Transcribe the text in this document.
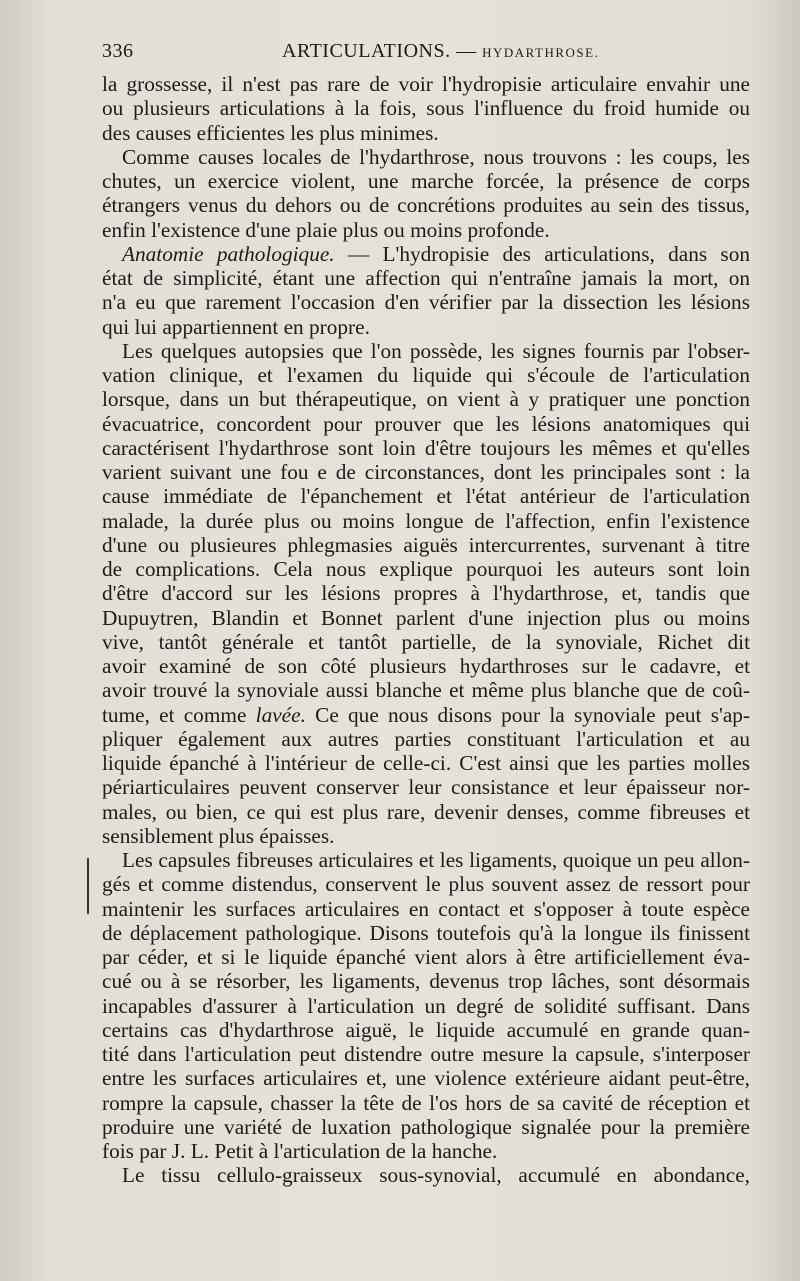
336	ARTICULATIONS. — HYDARTHROSE.
la grossesse, il n'est pas rare de voir l'hydropisie articulaire envahir une
ou plusieurs articulations à la fois, sous l'influence du froid humide ou
des causes efficientes les plus minimes.
Comme causes locales de l'hydarthrose, nous trouvons : les coups, les
chutes, un exercice violent, une marche forcée, la présence de corps
étrangers venus du dehors ou de concrétions produites au sein des tissus,
enfin l'existence d'une plaie plus ou moins profonde.
Anatomie pathologique. — L'hydropisie des articulations, dans son
état de simplicité, étant une affection qui n'entraîne jamais la mort, on
n'a eu que rarement l'occasion d'en vérifier par la dissection les lésions
qui lui appartiennent en propre.
Les quelques autopsies que l'on possède, les signes fournis par l'obser-
vation clinique, et l'examen du liquide qui s'écoule de l'articulation
lorsque, dans un but thérapeutique, on vient à y pratiquer une ponction
évacuatrice, concordent pour prouver que les lésions anatomiques qui
caractérisent l'hydarthrose sont loin d'être toujours les mêmes et qu'elles
varient suivant une fou e de circonstances, dont les principales sont : la
cause immédiate de l'épanchement et l'état antérieur de l'articulation
malade, la durée plus ou moins longue de l'affection, enfin l'existence
d'une ou plusieures phlegmasies aiguës intercurrentes, survenant à titre
de complications. Cela nous explique pourquoi les auteurs sont loin
d'être d'accord sur les lésions propres à l'hydarthrose, et, tandis que
Dupuytren, Blandin et Bonnet parlent d'une injection plus ou moins
vive, tantôt générale et tantôt partielle, de la synoviale, Richet dit
avoir examiné de son côté plusieurs hydarthroses sur le cadavre, et
avoir trouvé la synoviale aussi blanche et même plus blanche que de coû-
tume, et comme lavée. Ce que nous disons pour la synoviale peut s'ap-
pliquer également aux autres parties constituant l'articulation et au
liquide épanché à l'intérieur de celle-ci. C'est ainsi que les parties molles
périarticulaires peuvent conserver leur consistance et leur épaisseur nor-
males, ou bien, ce qui est plus rare, devenir denses, comme fibreuses et
sensiblement plus épaisses.
Les capsules fibreuses articulaires et les ligaments, quoique un peu allon-
gés et comme distendus, conservent le plus souvent assez de ressort pour
maintenir les surfaces articulaires en contact et s'opposer à toute espèce
de déplacement pathologique. Disons toutefois qu'à la longue ils finissent
par céder, et si le liquide épanché vient alors à être artificiellement éva-
cué ou à se résorber, les ligaments, devenus trop lâches, sont désormais
incapables d'assurer à l'articulation un degré de solidité suffisant. Dans
certains cas d'hydarthrose aiguë, le liquide accumulé en grande quan-
tité dans l'articulation peut distendre outre mesure la capsule, s'interposer
entre les surfaces articulaires et, une violence extérieure aidant peut-être,
rompre la capsule, chasser la tête de l'os hors de sa cavité de réception et
produire une variété de luxation pathologique signalée pour la première
fois par J. L. Petit à l'articulation de la hanche.
Le tissu cellulo-graisseux sous-synovial, accumulé en abondance,
